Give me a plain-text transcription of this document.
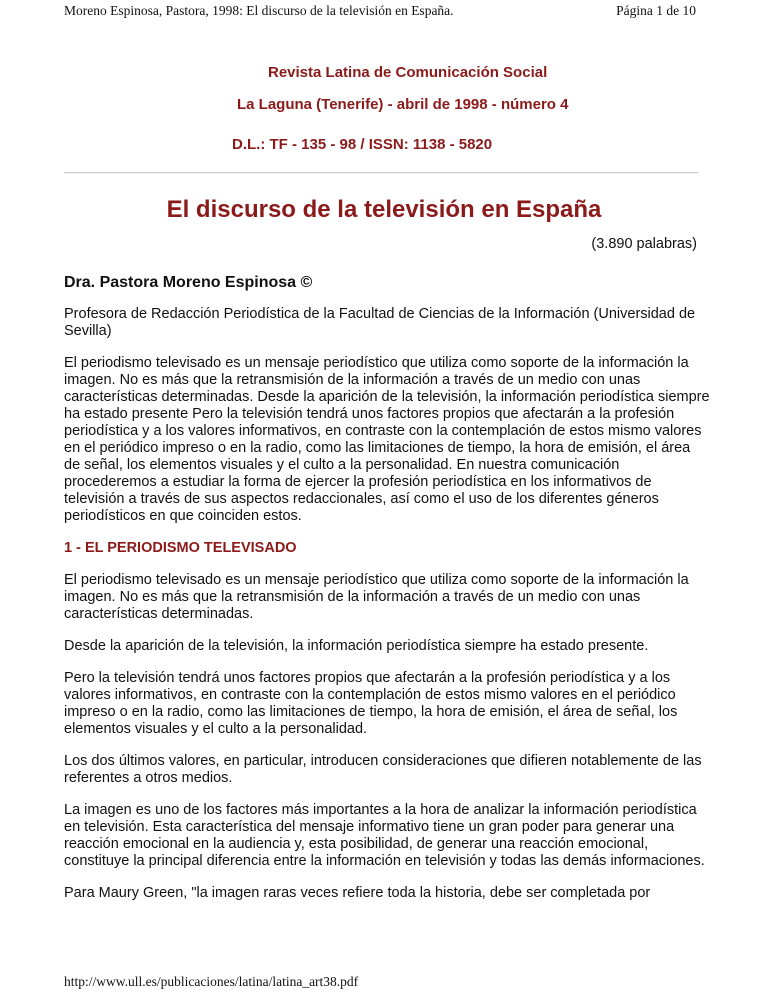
Moreno Espinosa, Pastora, 1998: El discurso de la televisión en España.	Página 1 de 10
Revista Latina de Comunicación Social
La Laguna (Tenerife) - abril de 1998 - número 4
D.L.: TF - 135 - 98 / ISSN: 1138 - 5820
El discurso de la televisión en España
(3.890 palabras)
Dra. Pastora Moreno Espinosa ©

Profesora de Redacción Periodística de la Facultad de Ciencias de la Información (Universidad de Sevilla)

El periodismo televisado es un mensaje periodístico que utiliza como soporte de la información la imagen. No es más que la retransmisión de la información a través de un medio con unas características determinadas. Desde la aparición de la televisión, la información periodística siempre ha estado presente Pero la televisión tendrá unos factores propios que afectarán a la profesión periodística y a los valores informativos, en contraste con la contemplación de estos mismo valores en el periódico impreso o en la radio, como las limitaciones de tiempo, la hora de emisión, el área de señal, los elementos visuales y el culto a la personalidad. En nuestra comunicación procederemos a estudiar la forma de ejercer la profesión periodística en los informativos de televisión a través de sus aspectos redaccionales, así como el uso de los diferentes géneros periodísticos en que coinciden estos.

1 - EL PERIODISMO TELEVISADO

El periodismo televisado es un mensaje periodístico que utiliza como soporte de la información la imagen. No es más que la retransmisión de la información a través de un medio con unas características determinadas.

Desde la aparición de la televisión, la información periodística siempre ha estado presente.

Pero la televisión tendrá unos factores propios que afectarán a la profesión periodística y a los valores informativos, en contraste con la contemplación de estos mismo valores en el periódico impreso o en la radio, como las limitaciones de tiempo, la hora de emisión, el área de señal, los elementos visuales y el culto a la personalidad.

Los dos últimos valores, en particular, introducen consideraciones que difieren notablemente de las referentes a otros medios.

La imagen es uno de los factores más importantes a la hora de analizar la información periodística en televisión. Esta característica del mensaje informativo tiene un gran poder para generar una reacción emocional en la audiencia y, esta posibilidad, de generar una reacción emocional, constituye la principal diferencia entre la información en televisión y todas las demás informaciones.

Para Maury Green, "la imagen raras veces refiere toda la historia, debe ser completada por

http://www.ull.es/publicaciones/latina/latina_art38.pdf
